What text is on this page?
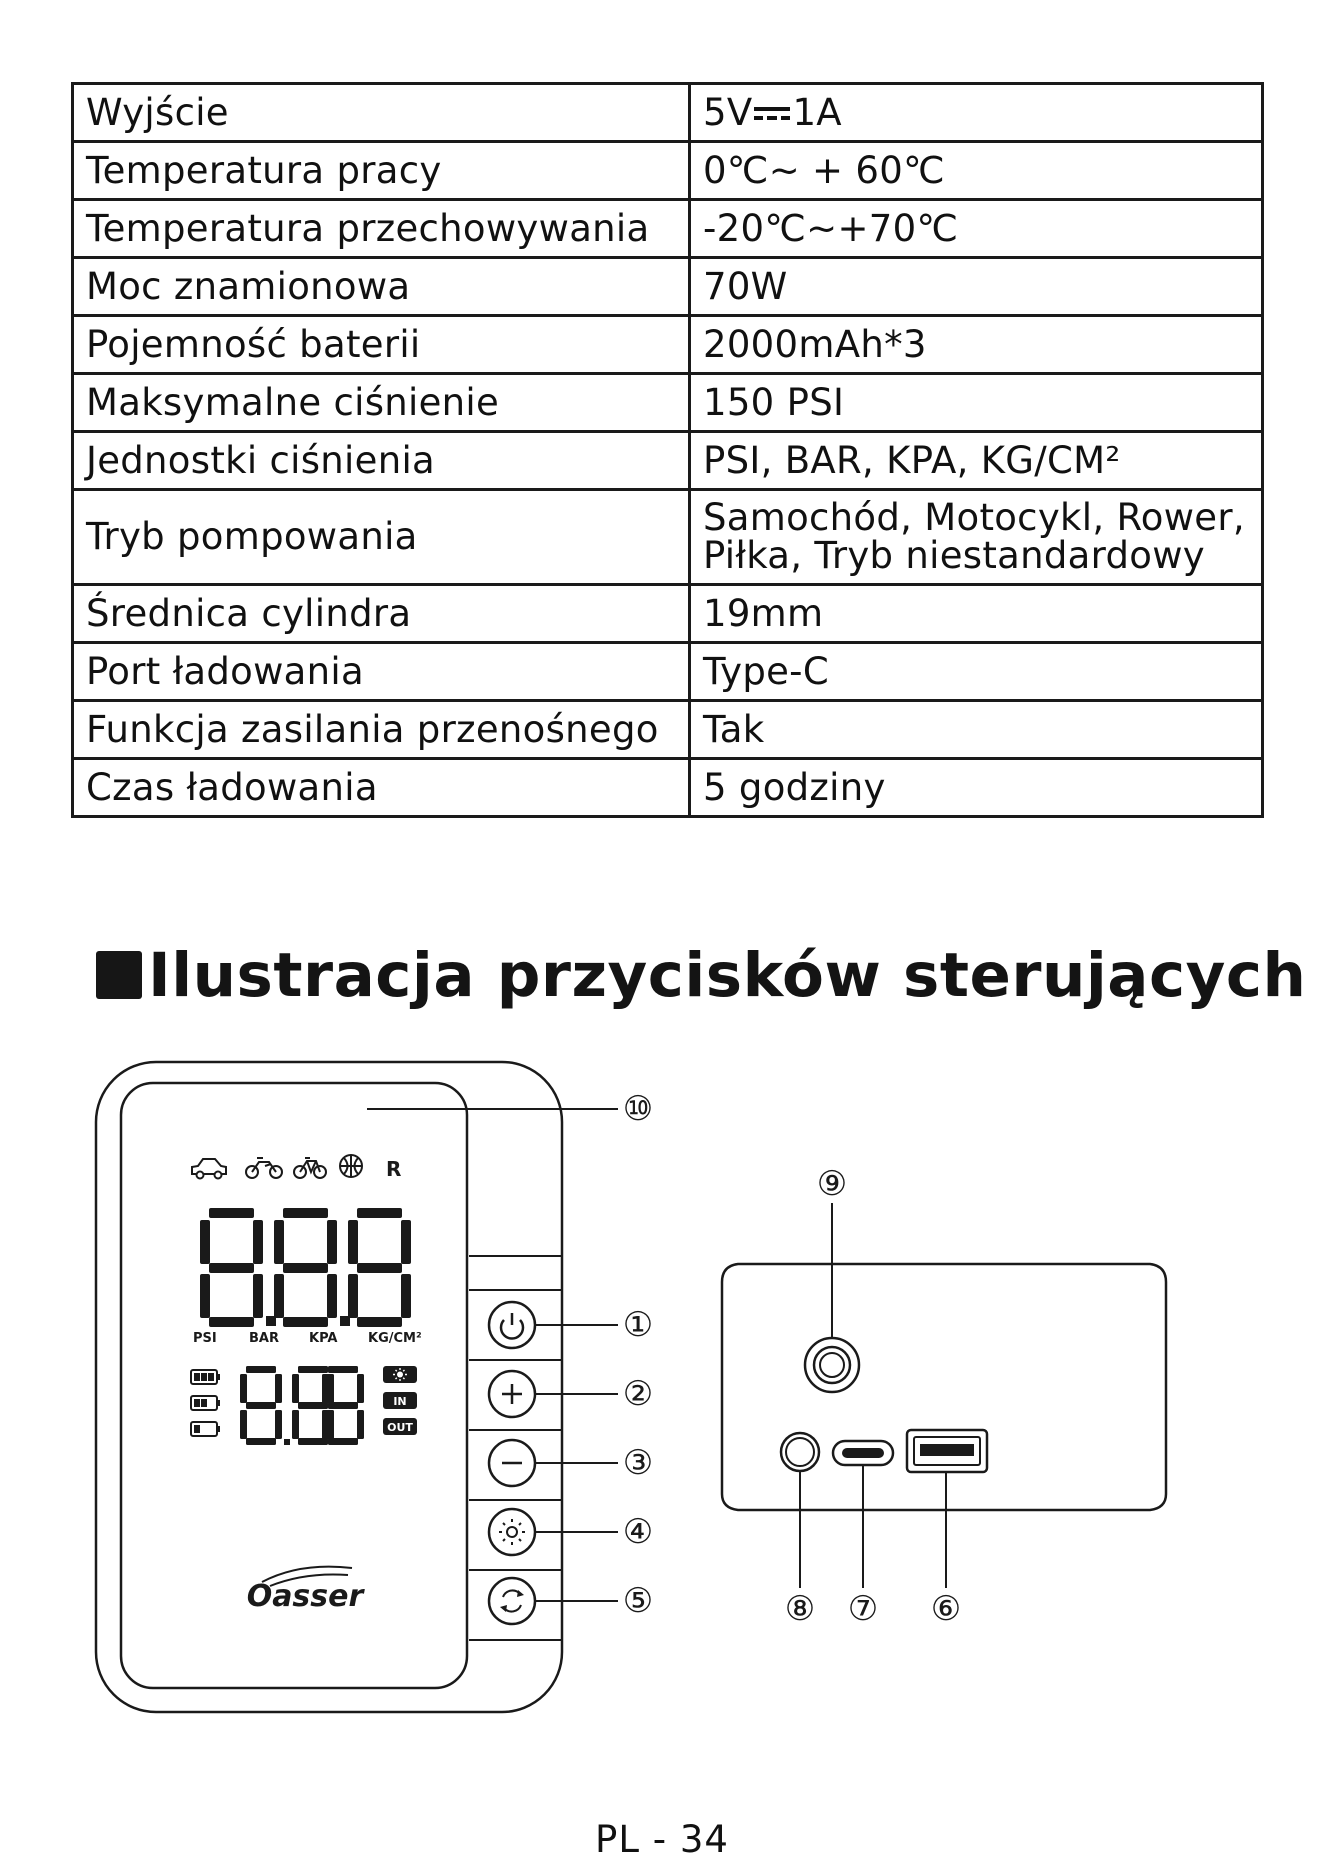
Wyjście	5V 1A
Temperatura pracy	0℃~ + 60℃
Temperatura przechowywania	-20℃~+70℃
Moc znamionowa	70W
Pojemność baterii	2000mAh*3
Maksymalne ciśnienie	150 PSI
Jednostki ciśnienia	PSI, BAR, KPA, KG/CM²
Tryb pompowania	Samochód, Motocykl, Rower,
Piłka, Tryb niestandardowy

Średnica cylindra	19mm
Port ładowania	Type-C
Funkcja zasilania przenośnego	Tak
Czas ładowania	5 godziny
Ilustracja przycisków sterujących
R
PSI BAR KPA KG/CM²
IN
OUT
Oasser
⑩
①
②
③
④
⑤
⑨
⑧ ⑦ ⑥
PL - 34
